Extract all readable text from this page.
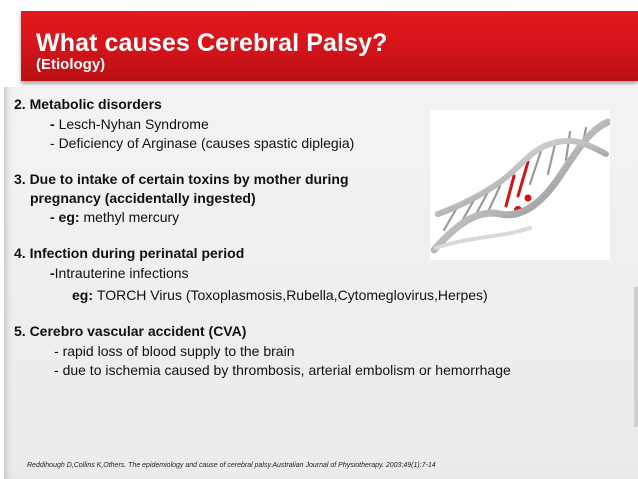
What causes Cerebral Palsy?
(Etiology)
2. Metabolic disorders
- Lesch-Nyhan Syndrome
- Deficiency of Arginase (causes spastic diplegia)
3. Due to intake of certain toxins by mother during
pregnancy (accidentally ingested)
- eg: methyl mercury
4. Infection during perinatal period
-Intrauterine infections
eg: TORCH Virus (Toxoplasmosis,Rubella,Cytomeglovirus,Herpes)
5. Cerebro vascular accident (CVA)
- rapid loss of blood supply to the brain
- due to ischemia caused by thrombosis, arterial embolism or hemorrhage
Reddihough D,Collins K,Others. The epidemiology and cause of cerebral palsy.Australian Journal of Physiotherapy. 2003;49(1):7-14
